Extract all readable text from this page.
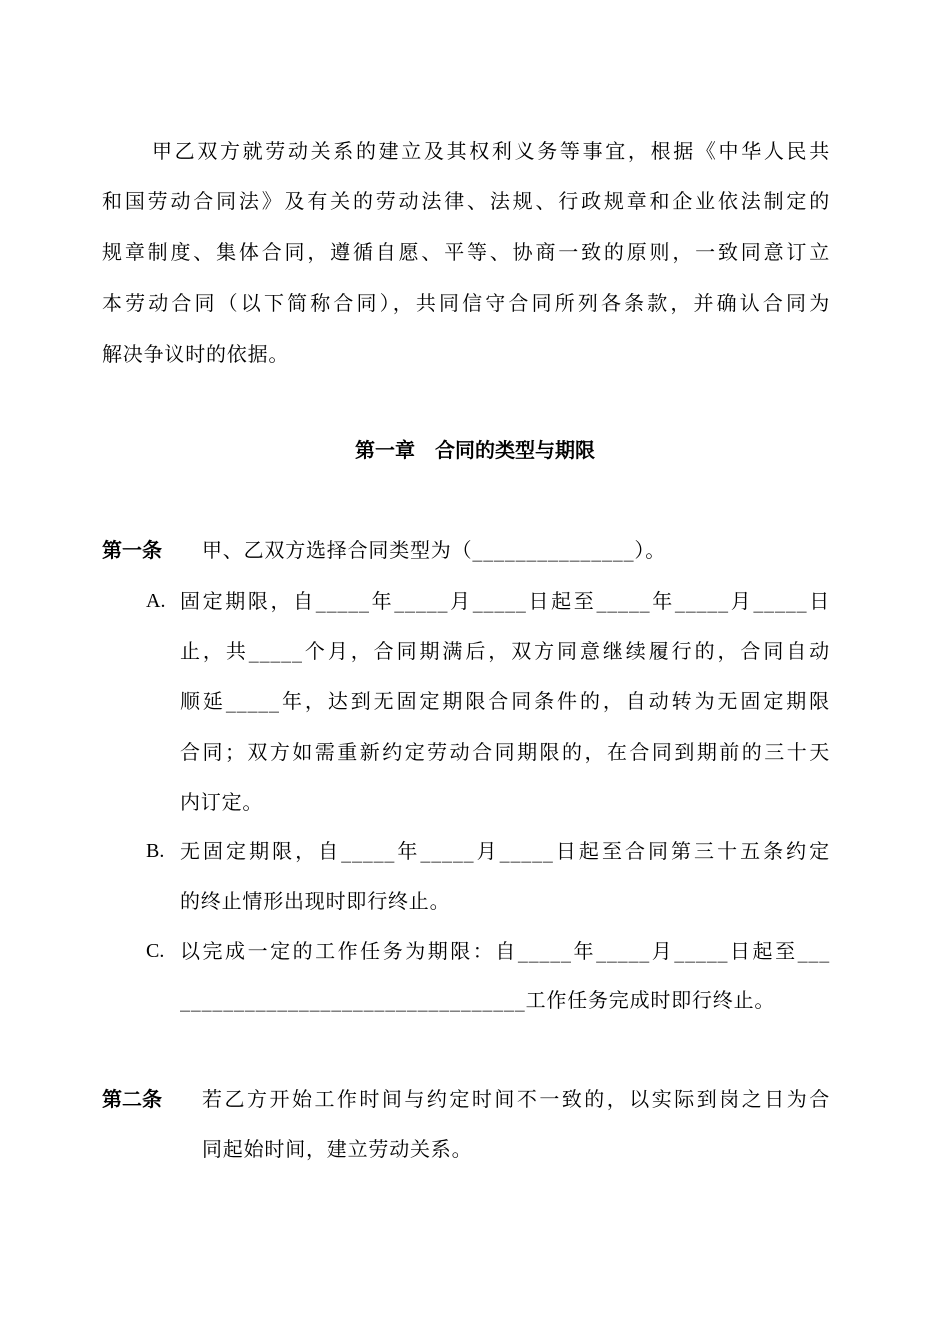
甲乙双方就劳动关系的建立及其权利义务等事宜，根据《中华人民共
和国劳动合同法》及有关的劳动法律、法规、行政规章和企业依法制定的
规章制度、集体合同，遵循自愿、平等、协商一致的原则，一致同意订立
本劳动合同（以下简称合同），共同信守合同所列各条款，并确认合同为
解决争议时的依据。
第一章　合同的类型与期限
第一条 甲、乙双方选择合同类型为（_______________）。
A. 固定期限，自_____年_____月_____日起至_____年_____月_____日
止，共_____个月，合同期满后，双方同意继续履行的，合同自动
顺延_____年，达到无固定期限合同条件的，自动转为无固定期限
合同；双方如需重新约定劳动合同期限的，在合同到期前的三十天
内订定。
B. 无固定期限，自_____年_____月_____日起至合同第三十五条约定
的终止情形出现时即行终止。
C. 以完成一定的工作任务为期限：自_____年_____月_____日起至___
________________________________工作任务完成时即行终止。
第二条 若乙方开始工作时间与约定时间不一致的，以实际到岗之日为合
同起始时间，建立劳动关系。
